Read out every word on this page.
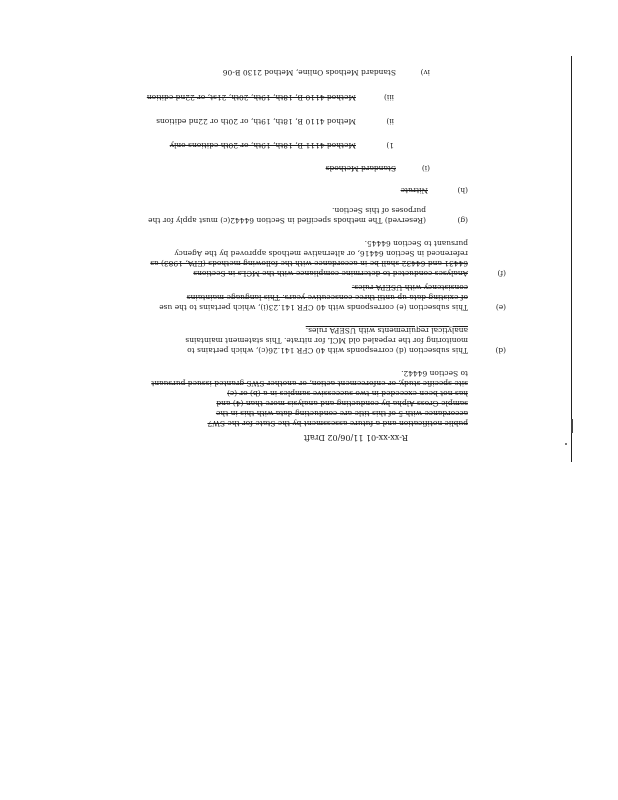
R-xx-xx-01 11/06/02 Draft
public notification and a future assessment by the State for the SW7
accordance with 5 of this title are conducting data with this in the
sample Gross Alpha by conducting and analysis more than (4) and
has not been exceeded in two successive samples in a (b) or (c)
site specific study, or enforcement action, or another SWS granted issued pursuant
to Section 64442.
(d)
This subsection (d) corresponds with 40 CFR 141.26(c), which pertains to
monitoring for the repealed old MCL for nitrate. This statement maintains
analytical requirements with USEPA rules.
(e)
This subsection (e) corresponds with 40 CFR 141.23(i), which pertains to the use
of existing data up until three consecutive years. This language maintains
consistency with USEPA rules.
(f)
Analyses conducted to determine compliance with the MCLs in Sections
64431 and 64432 shall be in accordance with the following methods (EPA, 1983) as
referenced in Section 64416, or alternative methods approved by the Agency
pursuant to Section 64445.
(g)
(Reserved) The methods specified in Section 64442(c) must apply for the
purposes of this Section.
(h)
Nitrate
(i)
Standard Methods
1)
Method 4111 B, 18th, 19th, or 20th editions only
ii)
Method 4110 B, 18th, 19th, or 20th or 22nd editions
iii)
Method 4110 B, 18th, 19th, 20th, 21st, or 22nd edition
iv)
Standard Methods Online, Method 2130 B-06
